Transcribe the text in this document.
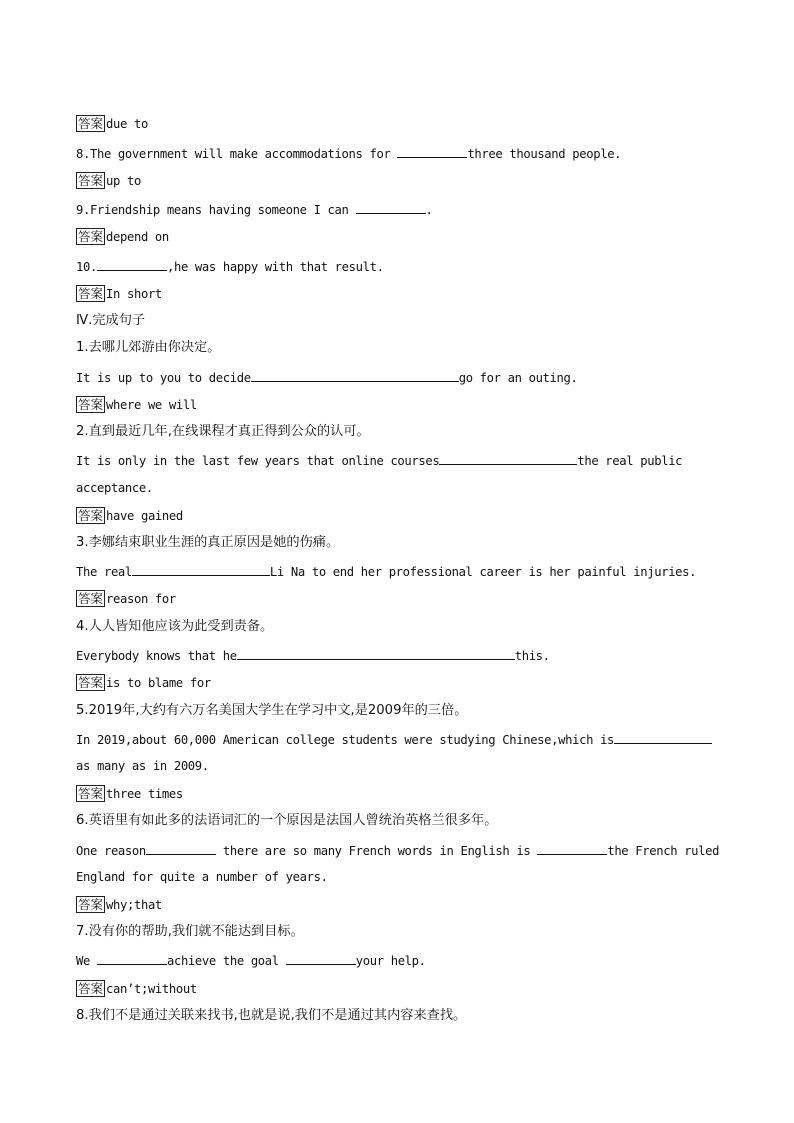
答案 due to
8.The government will make accommodations for	three thousand people.
答案 up to
9.Friendship means having someone I can	.
答案 depend on
10.	,he was happy with that result.
答案 In short
Ⅳ.完成句子
1.去哪儿郊游由你决定。
It is up to you to decide	go for an outing.
答案 where we will
2.直到最近几年,在线课程才真正得到公众的认可。
It is only in the last few years that online courses	the real public
acceptance.
答案 have gained
3.李娜结束职业生涯的真正原因是她的伤痛。
The real	Li Na to end her professional career is her painful injuries.
答案 reason for
4.人人皆知他应该为此受到责备。
Everybody knows that he	this.
答案 is to blame for
5.2019年,大约有六万名美国大学生在学习中文,是2009年的三倍。
In 2019,about 60,000 American college students were studying Chinese,which is
as many as in 2009.
答案 three times
6.英语里有如此多的法语词汇的一个原因是法国人曾统治英格兰很多年。
One reason	there are so many French words in English is	the French ruled
England for quite a number of years.
答案 why;that
7.没有你的帮助,我们就不能达到目标。
We	achieve the goal	your help.
答案 can’t;without
8.我们不是通过关联来找书,也就是说,我们不是通过其内容来查找。
